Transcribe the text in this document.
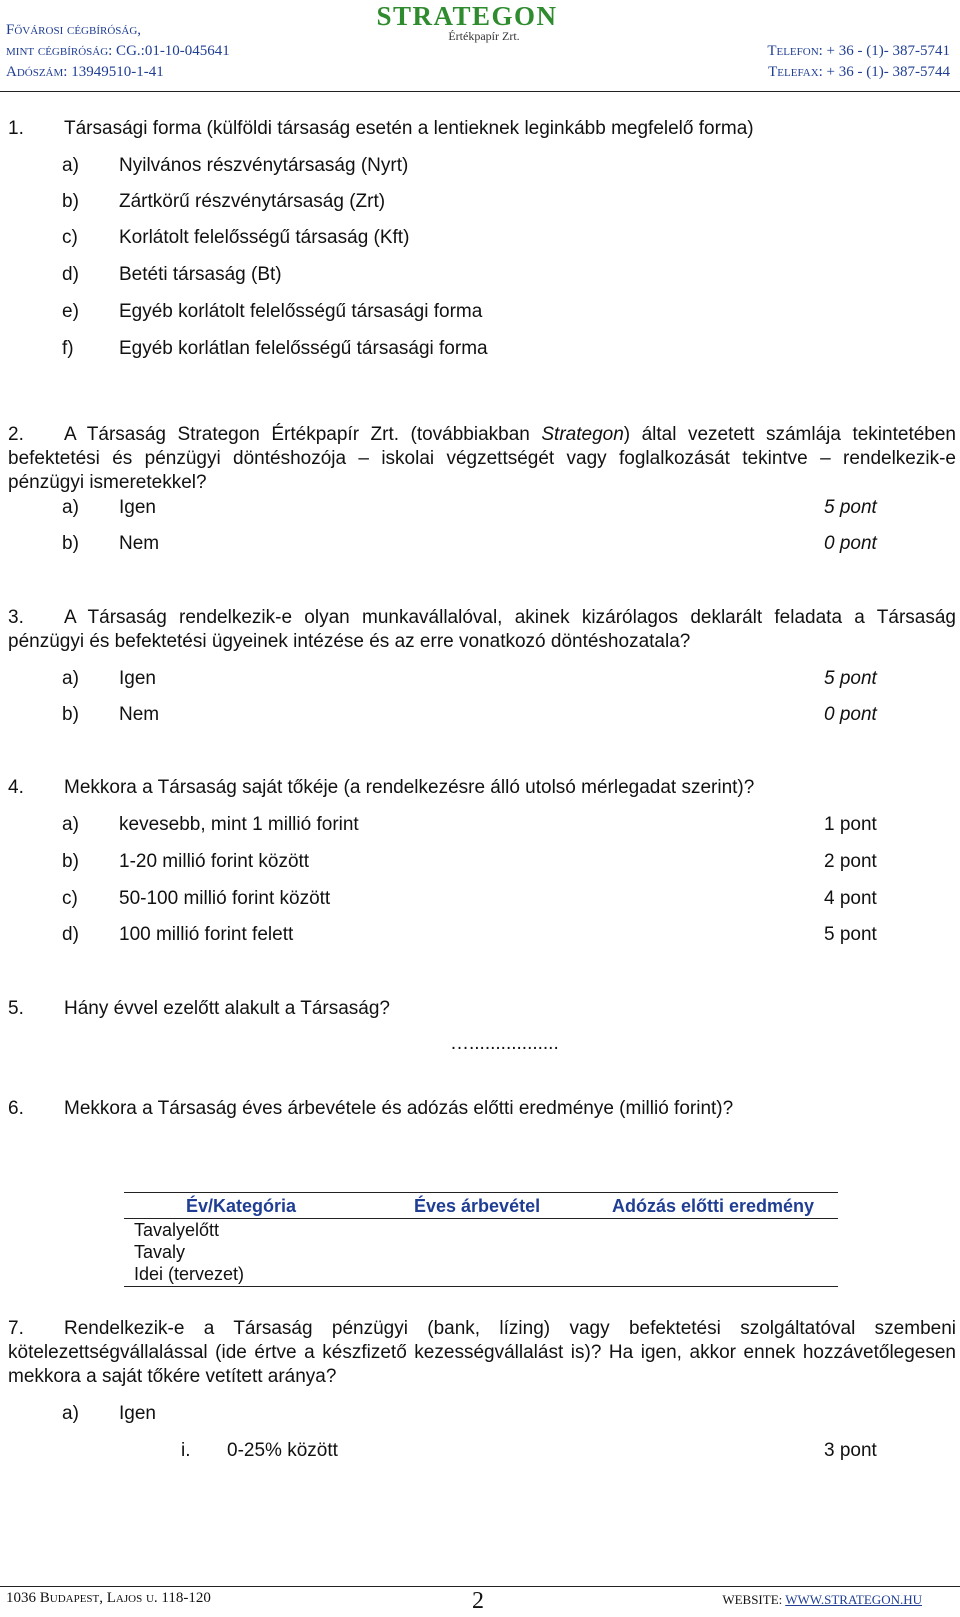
Fővárosi cégbíróság,
mint cégbíróság: CG.:01-10-045641
Adószám: 13949510-1-41
STRATEGON
Értékpapír Zrt.
Telefon: + 36 - (1)- 387-5741
Telefax: + 36 - (1)- 387-5744
1. Társasági forma (külföldi társaság esetén a lentieknek leginkább megfelelő forma)
a) Nyilvános részvénytársaság (Nyrt)
b) Zártkörű részvénytársaság (Zrt)
c) Korlátolt felelősségű társaság (Kft)
d) Betéti társaság (Bt)
e) Egyéb korlátolt felelősségű társasági forma
f) Egyéb korlátlan felelősségű társasági forma
2. A Társaság Strategon Értékpapír Zrt. (továbbiakban Strategon) által vezetett számlája tekintetében befektetési és pénzügyi döntéshozója – iskolai végzettségét vagy foglalkozását tekintve – rendelkezik-e pénzügyi ismeretekkel?
a) Igen	5 pont
b) Nem	0 pont
3. A Társaság rendelkezik-e olyan munkavállalóval, akinek kizárólagos deklarált feladata a Társaság pénzügyi és befektetési ügyeinek intézése és az erre vonatkozó döntéshozatala?
a) Igen	5 pont
b) Nem	0 pont
4. Mekkora a Társaság saját tőkéje (a rendelkezésre álló utolsó mérlegadat szerint)?
a) kevesebb, mint 1 millió forint	1 pont
b) 1-20 millió forint között	2 pont
c) 50-100 millió forint között	4 pont
d) 100 millió forint felett	5 pont
5. Hány évvel ezelőtt alakult a Társaság?
….................
6. Mekkora a Társaság éves árbevétele és adózás előtti eredménye (millió forint)?
Év/Kategória	Éves árbevétel	Adózás előtti eredmény
Tavalyelőtt
Tavaly
Idei (tervezet)
7. Rendelkezik-e a Társaság pénzügyi (bank, lízing) vagy befektetési szolgáltatóval szembeni kötelezettségvállalással (ide értve a készfizető kezességvállalást is)? Ha igen, akkor ennek hozzávetőlegesen mekkora a saját tőkére vetített aránya?
a) Igen
i. 0-25% között	3 pont
1036 Budapest, Lajos u. 118-120	2	WEBSITE: WWW.STRATEGON.HU
